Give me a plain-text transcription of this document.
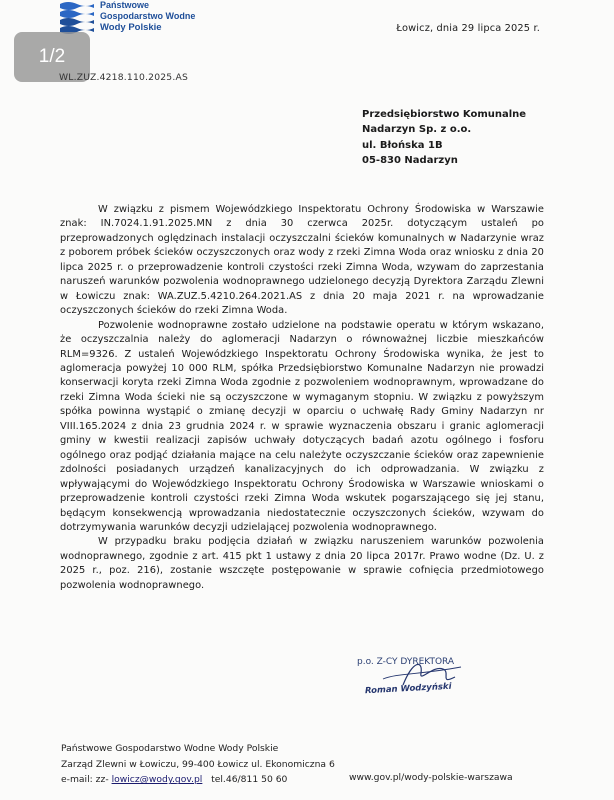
Państwowe
Gospodarstwo Wodne
Wody Polskie
1/2
Łowicz, dnia 29 lipca 2025 r.
WL.ZUZ.4218.110.2025.AS
Przedsiębiorstwo Komunalne
Nadarzyn Sp. z o.o.
ul. Błońska 1B
05-830 Nadarzyn

W związku z pismem Wojewódzkiego Inspektoratu Ochrony Środowiska w Warszawie znak: IN.7024.1.91.2025.MN z dnia 30 czerwca 2025r. dotyczącym ustaleń po przeprowadzonych oględzinach instalacji oczyszczalni ścieków komunalnych w Nadarzynie wraz z poborem próbek ścieków oczyszczonych oraz wody z rzeki Zimna Woda oraz wniosku z dnia 20 lipca 2025 r. o przeprowadzenie kontroli czystości rzeki Zimna Woda, wzywam do zaprzestania naruszeń warunków pozwolenia wodnoprawnego udzielonego decyzją Dyrektora Zarządu Zlewni w Łowiczu znak: WA.ZUZ.5.4210.264.2021.AS z dnia 20 maja 2021 r. na wprowadzanie oczyszczonych ścieków do rzeki Zimna Woda.

Pozwolenie wodnoprawne zostało udzielone na podstawie operatu w którym wskazano, że oczyszczalnia należy do aglomeracji Nadarzyn o równoważnej liczbie mieszkańców RLM=9326. Z ustaleń Wojewódzkiego Inspektoratu Ochrony Środowiska wynika, że jest to aglomeracja powyżej 10 000 RLM, spółka Przedsiębiorstwo Komunalne Nadarzyn nie prowadzi konserwacji koryta rzeki Zimna Woda zgodnie z pozwoleniem wodnoprawnym, wprowadzane do rzeki Zimna Woda ścieki nie są oczyszczone w wymaganym stopniu. W związku z powyższym spółka powinna wystąpić o zmianę decyzji w oparciu o uchwałę Rady Gminy Nadarzyn nr VIII.165.2024 z dnia 23 grudnia 2024 r. w sprawie wyznaczenia obszaru i granic aglomeracji gminy w kwestii realizacji zapisów uchwały dotyczących badań azotu ogólnego i fosforu ogólnego oraz podjąć działania mające na celu należyte oczyszczanie ścieków oraz zapewnienie zdolności posiadanych urządzeń kanalizacyjnych do ich odprowadzania. W związku z wpływającymi do Wojewódzkiego Inspektoratu Ochrony Środowiska w Warszawie wnioskami o przeprowadzenie kontroli czystości rzeki Zimna Woda wskutek pogarszającego się jej stanu, będącym konsekwencją wprowadzania niedostatecznie oczyszczonych ścieków, wzywam do dotrzymywania warunków decyzji udzielającej pozwolenia wodnoprawnego.

W przypadku braku podjęcia działań w związku naruszeniem warunków pozwolenia wodnoprawnego, zgodnie z art. 415 pkt 1 ustawy z dnia 20 lipca 2017r. Prawo wodne (Dz. U. z 2025 r., poz. 216), zostanie wszczęte postępowanie w sprawie cofnięcia przedmiotowego pozwolenia wodnoprawnego.

p.o. Z-CY DYREKTORA
Roman Wodzyński
Państwowe Gospodarstwo Wodne Wody Polskie
Zarząd Zlewni w Łowiczu, 99-400 Łowicz ul. Ekonomiczna 6
e-mail: zz- lowicz@wody.gov.pl tel.46/811 50 60	www.gov.pl/wody-polskie-warszawa
